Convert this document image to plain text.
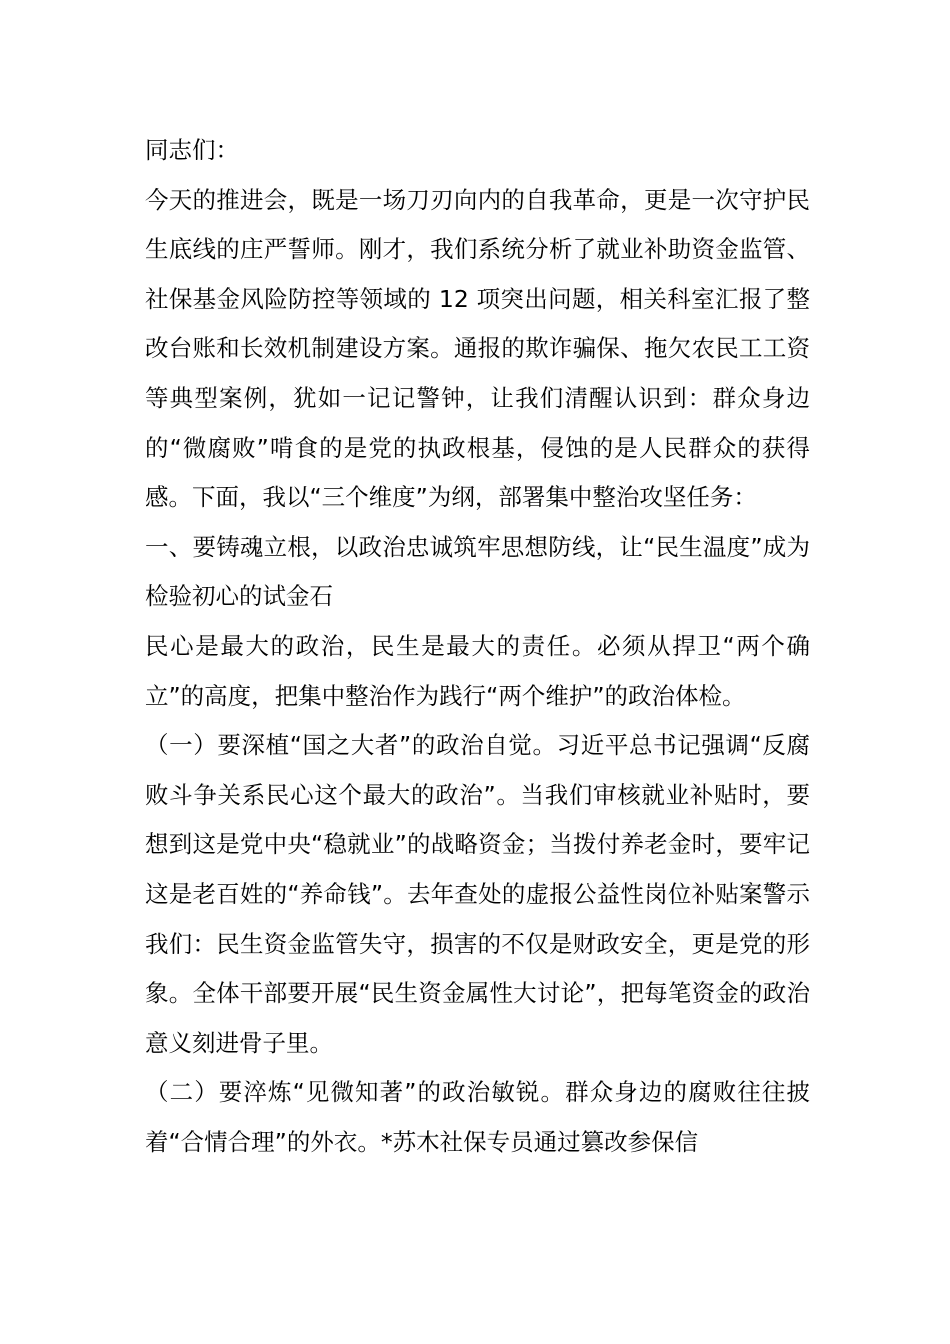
同志们：

今天的推进会，既是一场刀刃向内的自我革命，更是一次守护民生底线的庄严誓师。刚才，我们系统分析了就业补助资金监管、社保基金风险防控等领域的 12 项突出问题，相关科室汇报了整改台账和长效机制建设方案。通报的欺诈骗保、拖欠农民工工资等典型案例，犹如一记记警钟，让我们清醒认识到：群众身边的“微腐败”啃食的是党的执政根基，侵蚀的是人民群众的获得感。下面，我以“三个维度”为纲，部署集中整治攻坚任务：

一、要铸魂立根，以政治忠诚筑牢思想防线，让“民生温度”成为检验初心的试金石

民心是最大的政治，民生是最大的责任。必须从捍卫“两个确立”的高度，把集中整治作为践行“两个维护”的政治体检。

（一）要深植“国之大者”的政治自觉。习近平总书记强调“反腐败斗争关系民心这个最大的政治”。当我们审核就业补贴时，要想到这是党中央“稳就业”的战略资金；当拨付养老金时，要牢记这是老百姓的“养命钱”。去年查处的虚报公益性岗位补贴案警示我们：民生资金监管失守，损害的不仅是财政安全，更是党的形象。全体干部要开展“民生资金属性大讨论”，把每笔资金的政治意义刻进骨子里。

（二）要淬炼“见微知著”的政治敏锐。群众身边的腐败往往披着“合情合理”的外衣。*苏木社保专员通过篡改参保信
